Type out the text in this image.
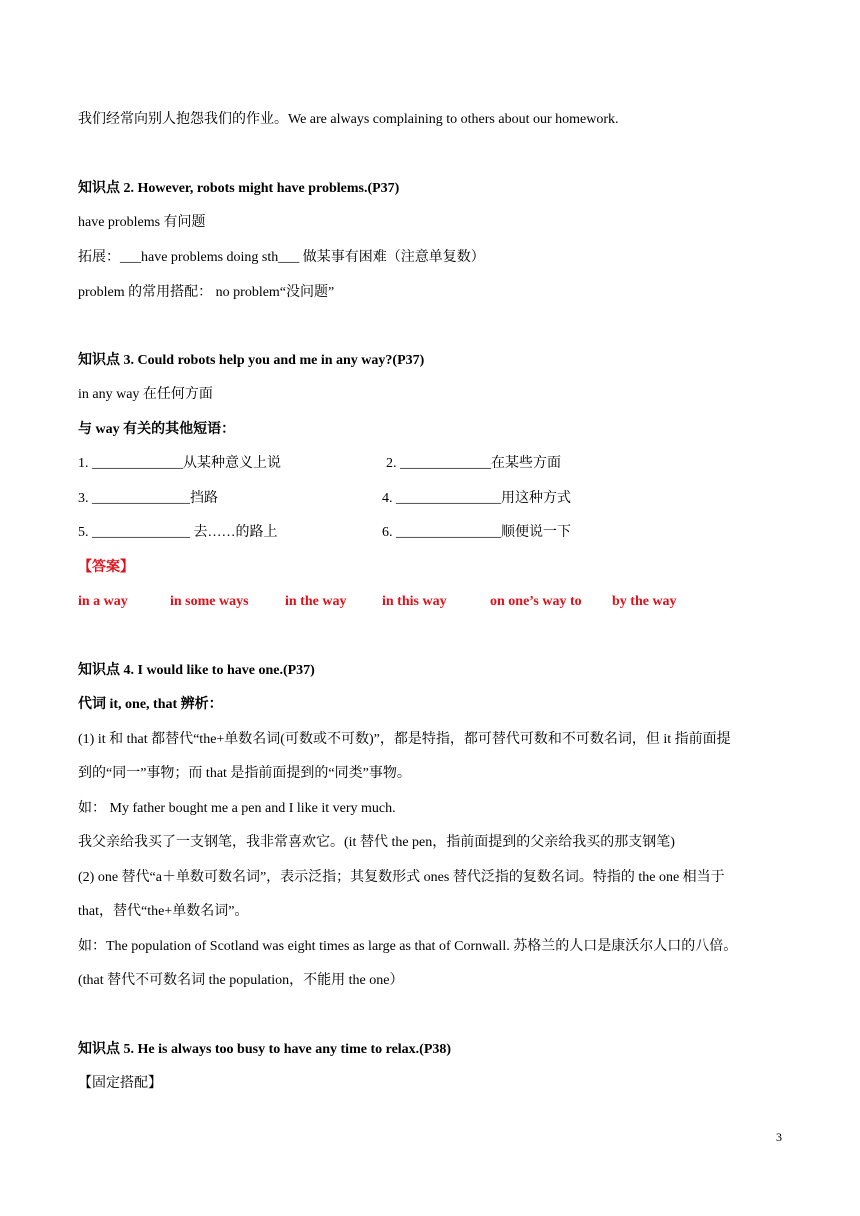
我们经常向别人抱怨我们的作业。We are always complaining to others about our homework.
知识点 2. However, robots might have problems.(P37)
have problems 有问题
拓展：___have problems doing sth___ 做某事有困难（注意单复数）
problem 的常用搭配： no problem“没问题”
知识点 3. Could robots help you and me in any way?(P37)
in any way 在任何方面
与 way 有关的其他短语：
1. _____________从某种意义上说	2. _____________在某些方面
3. ______________挡路	4. _______________用这种方式
5. ______________ 去……的路上	6. _______________顺便说一下
【答案】
in a way	in some ways	in the way	in this way	on one’s way to by the way
知识点 4. I would like to have one.(P37)
代词 it, one, that 辨析：
(1) it 和 that 都替代“the+单数名词(可数或不可数)”，都是特指，都可替代可数和不可数名词，但 it 指前面提
到的“同一”事物；而 that 是指前面提到的“同类”事物。
如： My father bought me a pen and I like it very much.
我父亲给我买了一支钢笔，我非常喜欢它。(it 替代 the pen，指前面提到的父亲给我买的那支钢笔)
(2) one 替代“a＋单数可数名词”，表示泛指；其复数形式 ones 替代泛指的复数名词。特指的 the one 相当于
that，替代“the+单数名词”。
如：The population of Scotland was eight times as large as that of Cornwall. 苏格兰的人口是康沃尔人口的八倍。
(that 替代不可数名词 the population，不能用 the one）
知识点 5. He is always too busy to have any time to relax.(P38)
【固定搭配】
3
